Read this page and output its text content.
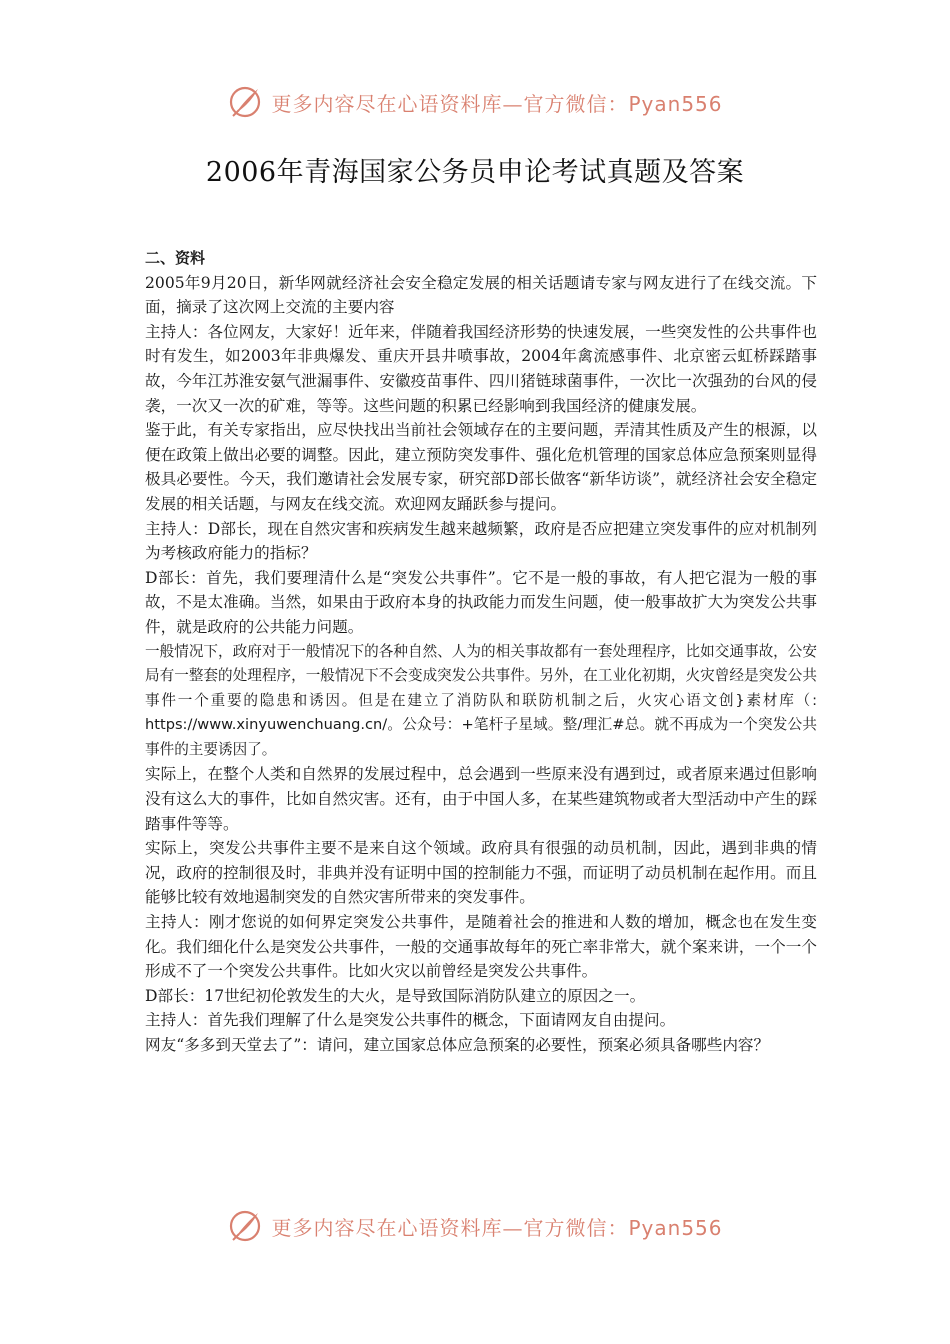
更多内容尽在心语资料库—官方微信：Pyan556
2006年青海国家公务员申论考试真题及答案

二、资料

2005年9月20日，新华网就经济社会安全稳定发展的相关话题请专家与网友进行了在线交流。下面，摘录了这次网上交流的主要内容

主持人：各位网友，大家好！近年来，伴随着我国经济形势的快速发展，一些突发性的公共事件也时有发生，如2003年非典爆发、重庆开县井喷事故，2004年禽流感事件、北京密云虹桥踩踏事故，今年江苏淮安氨气泄漏事件、安徽疫苗事件、四川猪链球菌事件，一次比一次强劲的台风的侵袭，一次又一次的矿难，等等。这些问题的积累已经影响到我国经济的健康发展。

鉴于此，有关专家指出，应尽快找出当前社会领域存在的主要问题，弄清其性质及产生的根源，以便在政策上做出必要的调整。因此，建立预防突发事件、强化危机管理的国家总体应急预案则显得极具必要性。今天，我们邀请社会发展专家，研究部D部长做客“新华访谈”，就经济社会安全稳定发展的相关话题，与网友在线交流。欢迎网友踊跃参与提问。

主持人：D部长，现在自然灾害和疾病发生越来越频繁，政府是否应把建立突发事件的应对机制列为考核政府能力的指标？

D部长：首先，我们要理清什么是“突发公共事件”。它不是一般的事故，有人把它混为一般的事故，不是太准确。当然，如果由于政府本身的执政能力而发生问题，使一般事故扩大为突发公共事件，就是政府的公共能力问题。

一般情况下，政府对于一般情况下的各种自然、人为的相关事故都有一套处理程序，比如交通事故，公安局有一整套的处理程序，一般情况下不会变成突发公共事件。另外，在工业化初期，火灾曾经是突发公共事件一个重要的隐患和诱因。但是在建立了消防队和联防机制之后，火灾心语文创}素材库（: https://www.xinyuwenchuang.cn/。公众号：+笔杆子星域。整/理汇#总。就不再成为一个突发公共事件的主要诱因了。

实际上，在整个人类和自然界的发展过程中，总会遇到一些原来没有遇到过，或者原来遇过但影响没有这么大的事件，比如自然灾害。还有，由于中国人多，在某些建筑物或者大型活动中产生的踩踏事件等等。

实际上，突发公共事件主要不是来自这个领域。政府具有很强的动员机制，因此，遇到非典的情况，政府的控制很及时，非典并没有证明中国的控制能力不强，而证明了动员机制在起作用。而且能够比较有效地遏制突发的自然灾害所带来的突发事件。

主持人：刚才您说的如何界定突发公共事件，是随着社会的推进和人数的增加，概念也在发生变化。我们细化什么是突发公共事件，一般的交通事故每年的死亡率非常大，就个案来讲，一个一个形成不了一个突发公共事件。比如火灾以前曾经是突发公共事件。

D部长：17世纪初伦敦发生的大火，是导致国际消防队建立的原因之一。

主持人：首先我们理解了什么是突发公共事件的概念，下面请网友自由提问。

网友“多多到天堂去了”：请问，建立国家总体应急预案的必要性，预案必须具备哪些内容？

更多内容尽在心语资料库—官方微信：Pyan556
